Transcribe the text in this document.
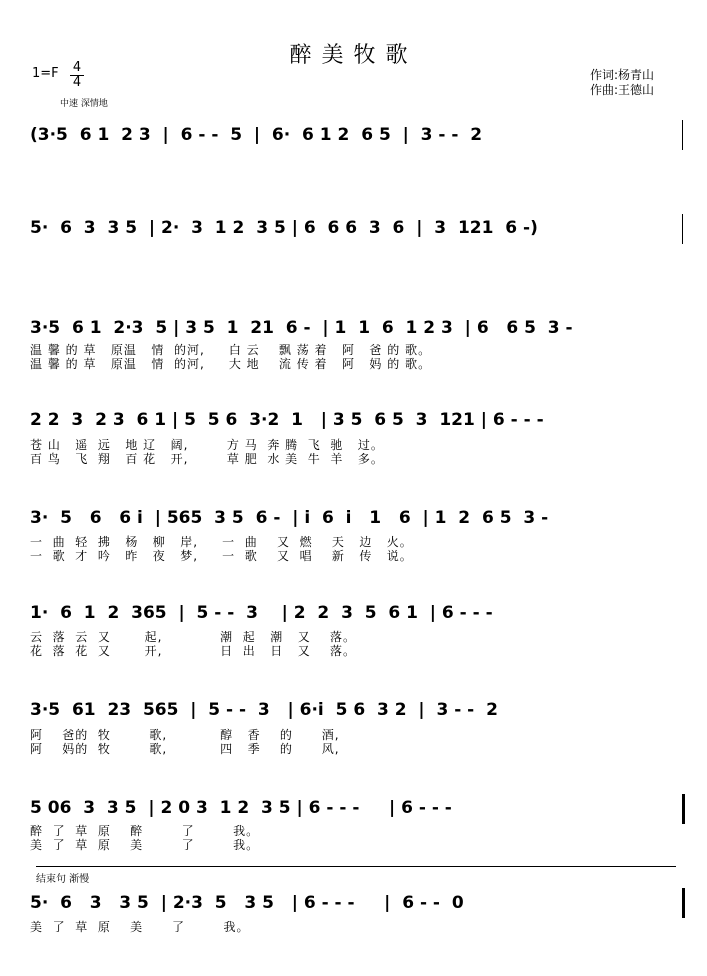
醉美牧歌
1=F 4
4
中速 深情地
作词:杨青山
作曲:王德山
(3·5  6 1  2 3  |  6 - -  5  |  6·  6 1 2  6 5  |  3 - -  2
5·  6  3  3 5  | 2·  3  1 2  3 5 | 6  6 6  3  6  |  3  121  6 -)
3·5  6 1  2·3  5 | 3 5  1  21  6 -  | 1  1  6  1 2 3  | 6   6 5  3 -
温 馨 的 草   原温   情  的河,     白 云    飘 荡 着   阿   爸 的 歌。
温 馨 的 草   原温   情  的河,     大 地    流 传 着   阿   妈 的 歌。
2 2  3  2 3  6 1 | 5  5 6  3·2  1   | 3 5  6 5  3  121 | 6 - - -
苍 山   遥  远   地 辽   阔,        方 马  奔 腾  飞  驰   过。
百 鸟   飞  翔   百 花   开,        草 肥  水 美  牛  羊   多。
3·  5   6   6 i  | 565  3 5  6 -  | i  6  i   1   6  | 1  2  6 5  3 -
一  曲  轻  拂   杨   柳   岸,     一  曲    又  燃    天   边   火。
一  歌  才  吟   昨   夜   梦,     一  歌    又  唱    新   传   说。
1·  6  1  2  365  |  5 - -  3    | 2  2  3  5  6 1  | 6 - - -
云  落  云  又       起,            潮  起   潮   又    落。
花  落  花  又       开,            日  出   日   又    落。
3·5  61  23  565  |  5 - -  3   | 6·i  5 6  3 2  |  3 - -  2
阿    爸的  牧        歌,           醇   香    的      酒,
阿    妈的  牧        歌,           四   季    的      风,
5 06  3  3 5  | 2 0 3  1 2  3 5 | 6 - - -     | 6 - - -
醉  了  草  原    醉        了        我。
美  了  草  原    美        了        我。
结束句 渐慢
5·  6   3   3 5  | 2·3  5   3 5   | 6 - - -     |  6 - -  0
美  了  草  原    美      了        我。
